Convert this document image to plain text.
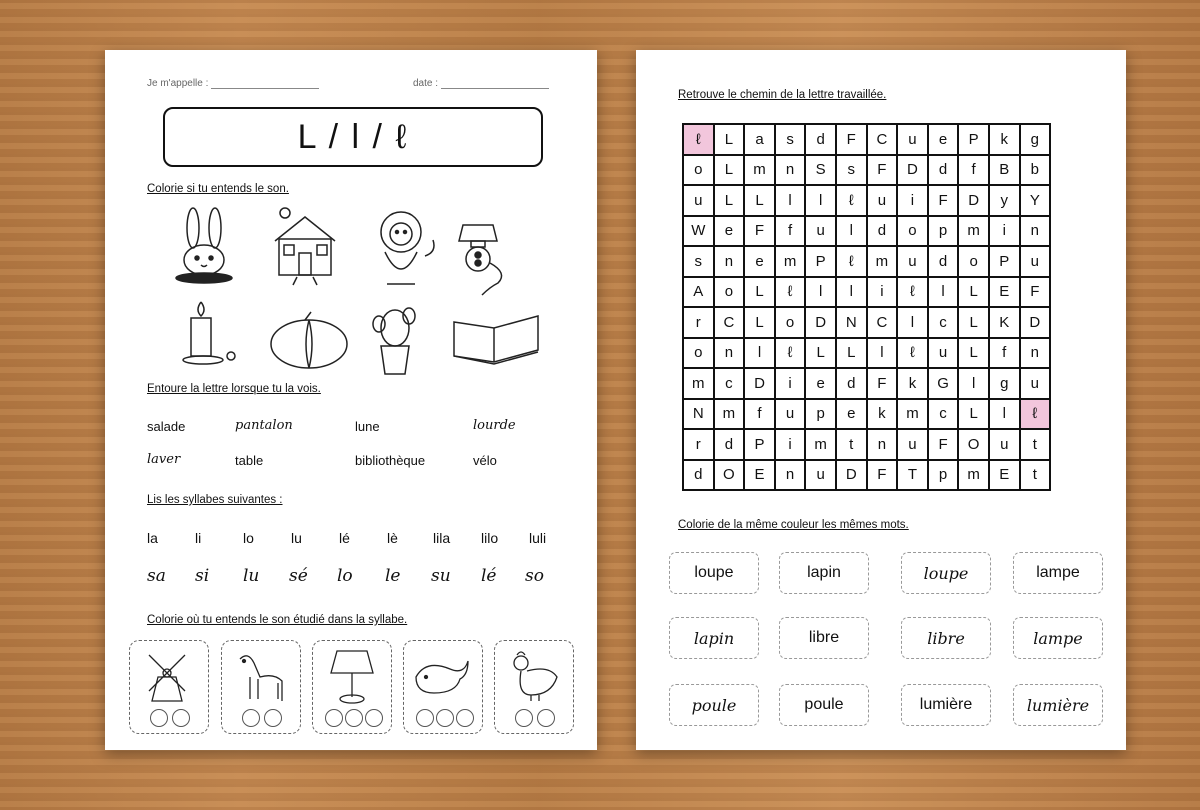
Je m'appelle :	date :
L / l / ℓ
Colorie si tu entends le son.
Entoure la lettre lorsque tu la vois.
salade	pantalon	lune	lourde
laver	table	bibliothèque	vélo
Lis les syllabes suivantes :
la	li	lo	lu	lé	lè	lila lilo luli
sa si lu sé lo le su lé so
Colorie où tu entends le son étudié dans la syllabe.
Retrouve le chemin de la lettre travaillée.
ℓ	L	a	s	d	F	C	u	e	P	k	g
o	L	m	n	S	s	F	D	d	f	B	b
u	L	L	l	l	ℓ	u	i	F	D	y	Y
W	e	F	f	u	l	d	o	p	m	i	n
s	n	e	m	P	ℓ	m	u	d	o	P	u
A	o	L	ℓ	l	l	i	ℓ	l	L	E	F
r	C	L	o	D	N	C	l	c	L	K	D
o	n	l	ℓ	L	L	l	ℓ	u	L	f	n
m	c	D	i	e	d	F	k	G	l	g	u
N	m	f	u	p	e	k	m	c	L	l	ℓ
r	d	P	i	m	t	n	u	F	O	u	t
d	O	E	n	u	D	F	T	p	m	E	t
Colorie de la même couleur les mêmes mots.
loupe	lapin	loupe	lampe
lapin	libre	libre	lampe
poule	poule	lumière	lumière
